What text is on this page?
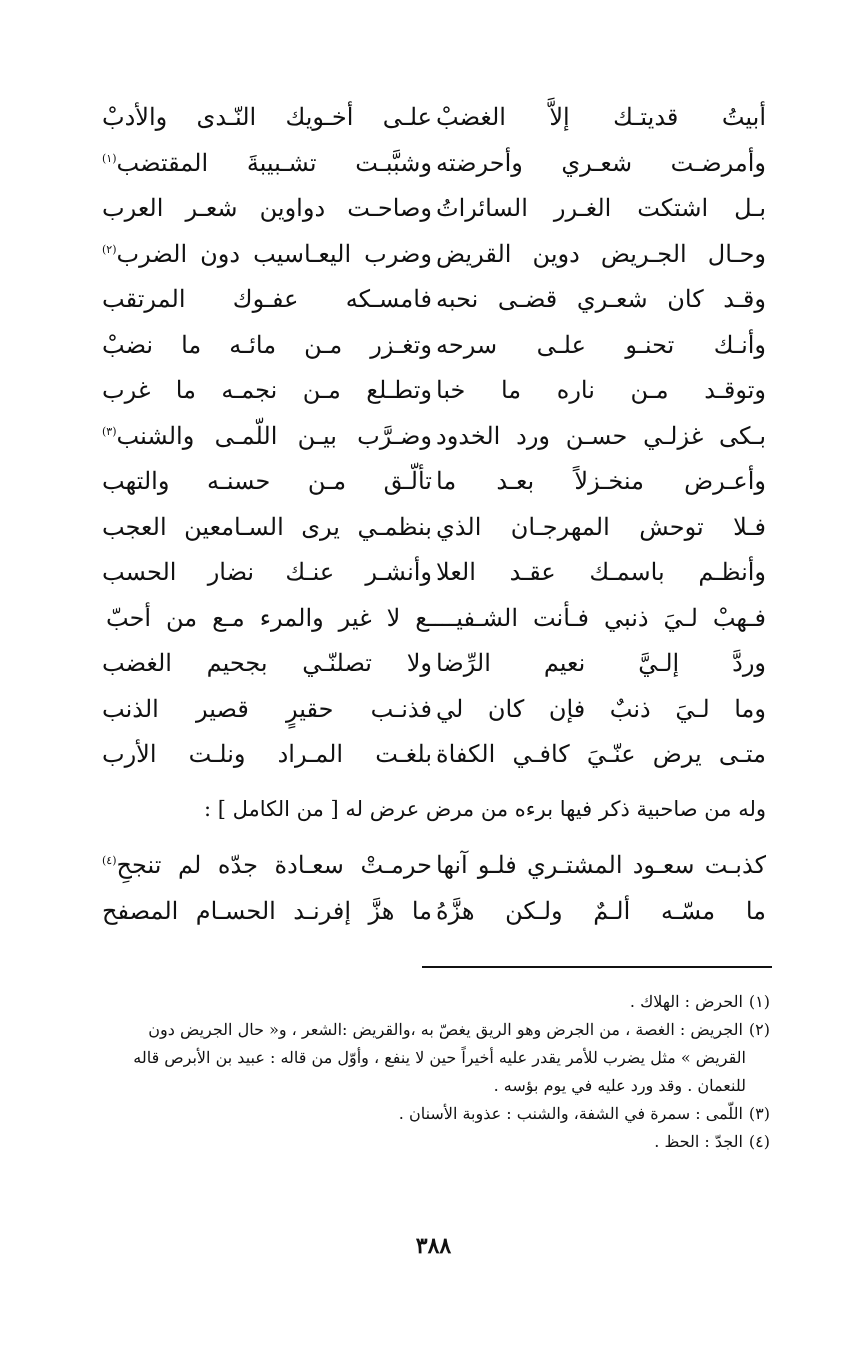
أبيتُ قديتـك إلاَّ الغضبْ
علـى أخـويك النّـدى والأدبْ
وأمرضـت شعـري وأحرضته
وشبَّبـت تشـبيبةَ المقتضب$^{(١)}$
بـل اشتكت الغـرر السائراتُ
وصاحـت دواوين شعـر العرب
وحـال الجـريض دوين القريض
وضرب اليعـاسيب دون الضرب$^{(٢)}$
وقـد كان شعـري قضـى نحبه
فامسـكه عفـوك المرتقب
وأنـك تحنـو علـى سرحه
وتغـزر مـن مائـه ما نضبْ
وتوقـد مـن ناره ما خبا
وتطـلع مـن نجمـه ما غرب
بـكى غزلـي حسـن ورد الخدود
وضـرَّب بيـن اللّمـى والشنب$^{(٣)}$
وأعـرض منخـزلاً بعـد ما
تألّـق مـن حسنـه والتهب
فـلا توحش المهرجـان الذي
بنظمـي يرى السـامعين العجب
وأنظـم باسمـك عقـد العلا
وأنشـر عنـك نضار الحسب
فـهبْ لـيَ ذنبي فـأنت الشـفيــــع لا غير والمرء مـع من أحبّ
وردَّ إلـيَّ نعيم الرِّضا
ولا تصلنّـي بجحيم الغضب
وما لـيَ ذنبٌ فإن كان لي
فذنـب حقيرٍ قصير الذنب
متـى يرض عنّـيَ كافـي الكفاة
بلغـت المـراد ونلـت الأرب
وله من صاحبية ذكر فيها برءه من مرض عرض له [ من الكامل ] :
كذبـت سعـود المشتـري فلـو آنها
حرمـتْ سعـادة جدّه لم تنجحِ$^{(٤)}$
ما مسّـه ألـمٌ ولـكن هزَّهُ
ما هزَّ إفرنـد الحسـام المصفح

(١)الحرض : الهلاك .

(٢)الجريض : الغصة ، من الجرض وهو الريق يغصّ به ،والقريض :الشعر ، و« حال الجريض دون
القريض » مثل يضرب للأمر يقدر عليه أخيراً حين لا ينفع ، وأوّل من قاله : عبيد بن الأبرص قاله
للنعمان . وقد ورد عليه في يوم بؤسه .

(٣)اللّمى : سمرة في الشفة، والشنب : عذوبة الأسنان .

(٤)الجدّ : الحظ .

٣٨٨
